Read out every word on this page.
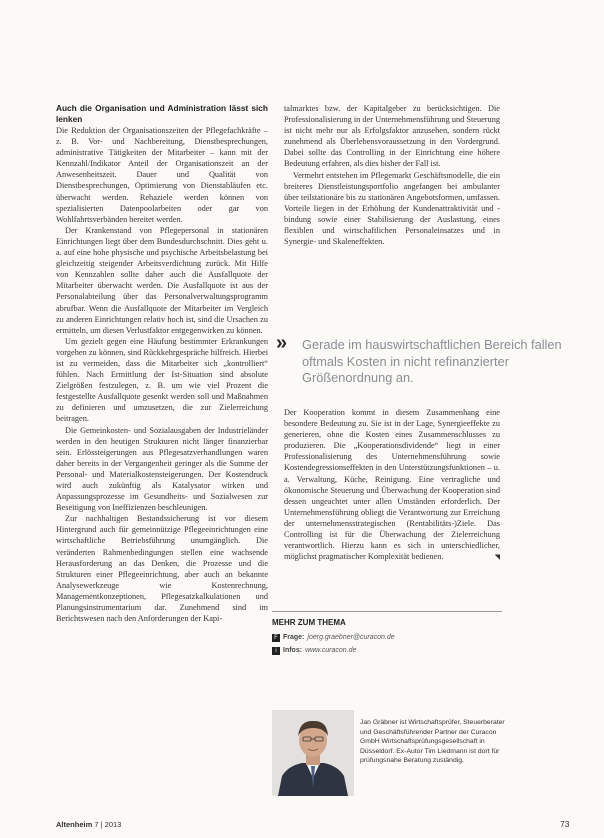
Auch die Organisation und Administration lässt sich lenken

Die Reduktion der Organisationszeiten der Pflegefachkräfte – z. B. Vor- und Nachbereitung, Dienstbesprechungen, administrative Tätigkeiten der Mitarbeiter – kann mit der Kennzahl/Indikator Anteil der Organisationszeit an der Anwesenheitszeit. Dauer und Qualität von Dienstbesprechungen, Optimierung von Dienstabläufen etc. überwacht werden. Rehaziele werden können von spezialisierten Datenpoolarbeiten oder gar von Wohlfahrtsverbänden bereitet werden.

Der Krankenstand von Pflegepersonal in stationären Einrichtungen liegt über dem Bundesdurchschnitt. Dies geht u. a. auf eine hohe physische und psychische Arbeitsbelastung bei gleichzeitig steigender Arbeitsverdichtung zurück. Mit Hilfe von Kennzahlen sollte daher auch die Ausfallquote der Mitarbeiter überwacht werden. Die Ausfallquote ist aus der Personalabteilung über das Personalverwaltungsprogramm abrufbar. Wenn die Ausfallquote der Mitarbeiter im Vergleich zu anderen Einrichtungen relativ hoch ist, sind die Ursachen zu ermitteln, um diesen Verlustfaktor entgegenwirken zu können.

Um gezielt gegen eine Häufung bestimmter Erkrankungen vorgehen zu können, sind Rückkehrgespräche hilfreich. Hierbei ist zu vermeiden, dass die Mitarbeiter sich „kontrolliert“ fühlen. Nach Ermittlung der Ist-Situation sind absolute Zielgrößen festzulegen, z. B. um wie viel Prozent die festgestellte Ausfallquote gesenkt werden soll und Maßnahmen zu definieren und umzusetzen, die zur Zielerreichung beitragen.

Die Gemeinkosten- und Sozialausgaben der Industrieländer werden in den heutigen Strukturen nicht länger finanzierbar sein. Erlössteigerungen aus Pflegesatzverhandlungen waren daher bereits in der Vergangenheit geringer als die Summe der Personal- und Materialkostensteigerungen. Der Kostendruck wird auch zukünftig als Katalysator wirken und Anpassungsprozesse im Gesundheits- und Sozialwesen zur Beseitigung von Ineffizienzen beschleunigen.

Zur nachhaltigen Bestandssicherung ist vor diesem Hintergrund auch für gemeinnützige Pflegeeinrichtungen eine wirtschaftliche Betriebsführung unumgänglich. Die veränderten Rahmenbedingungen stellen eine wachsende Herausforderung an das Denken, die Prozesse und die Strukturen einer Pflegeeinrichtung, aber auch an bekannte Analysewerkzeuge wie Kostenrechnung, Managementkonzeptionen, Pflegesatzkalkulationen und Planungsinstrumentarium dar. Zunehmend sind im Berichtswesen nach den Anforderungen der Kapi-

talmarktes bzw. der Kapitalgeber zu berücksichtigen. Die Professionalisierung in der Unternehmensführung und Steuerung ist nicht mehr nur als Erfolgsfaktor anzusehen, sondern rückt zunehmend als Überlebensvoraussetzung in den Vordergrund. Dabei sollte das Controlling in der Einrichtung eine höhere Bedeutung erfahren, als dies bisher der Fall ist.

Vermehrt entstehen im Pflegemarkt Geschäftsmodelle, die ein breiteres Dienstleistungsportfolio angefangen bei ambulanter über teilstationäre bis zu stationären Angebotsformen, umfassen. Vorteile liegen in der Erhöhung der Kundenattraktivität und -bindung sowie einer Stabilisierung der Auslastung, eines flexiblen und wirtschaftlichen Personaleinsatzes und in Synergie- und Skaleneffekten.

»	Gerade im hauswirtschaftlichen Bereich fallen oftmals Kosten in nicht refinanzierter Größenordnung an.

Der Kooperation kommt in diesem Zusammenhang eine besondere Bedeutung zu. Sie ist in der Lage, Synergieeffekte zu generieren, ohne die Kosten eines Zusammenschlusses zu produzieren. Die „Kooperationsdividende“ liegt in einer Professionalisierung des Unternehmensführung sowie Kostendegressionseffekten in den Unterstützungsfunktionen – u. a. Verwaltung, Küche, Reinigung. Eine vertragliche und ökonomische Steuerung und Überwachung der Kooperation sind dessen ungeachtet unter allen Umständen erforderlich. Der Unternehmensführung obliegt die Verantwortung zur Erreichung der unternehmensstrategischen (Rentabilitäts-)Ziele. Das Controlling ist für die Überwachung der Zielerreichung verantwortlich. Hierzu kann es sich in unterschiedlicher, möglichst pragmatischer Komplexität bedienen.	◥

MEHR ZUM THEMA
F Frage: joerg.graebner@curacon.de
i Infos: www.curacon.de
Jan Gräbner ist Wirtschaftsprüfer, Steuerberater und Geschäftsführender Partner der Curacon GmbH Wirtschaftsprüfungsgesellschaft in Düsseldorf. Ex-Autor Tim Liedmann ist dort für prüfungsnahe Beratung zuständig.
Altenheim 7 | 2013	73
